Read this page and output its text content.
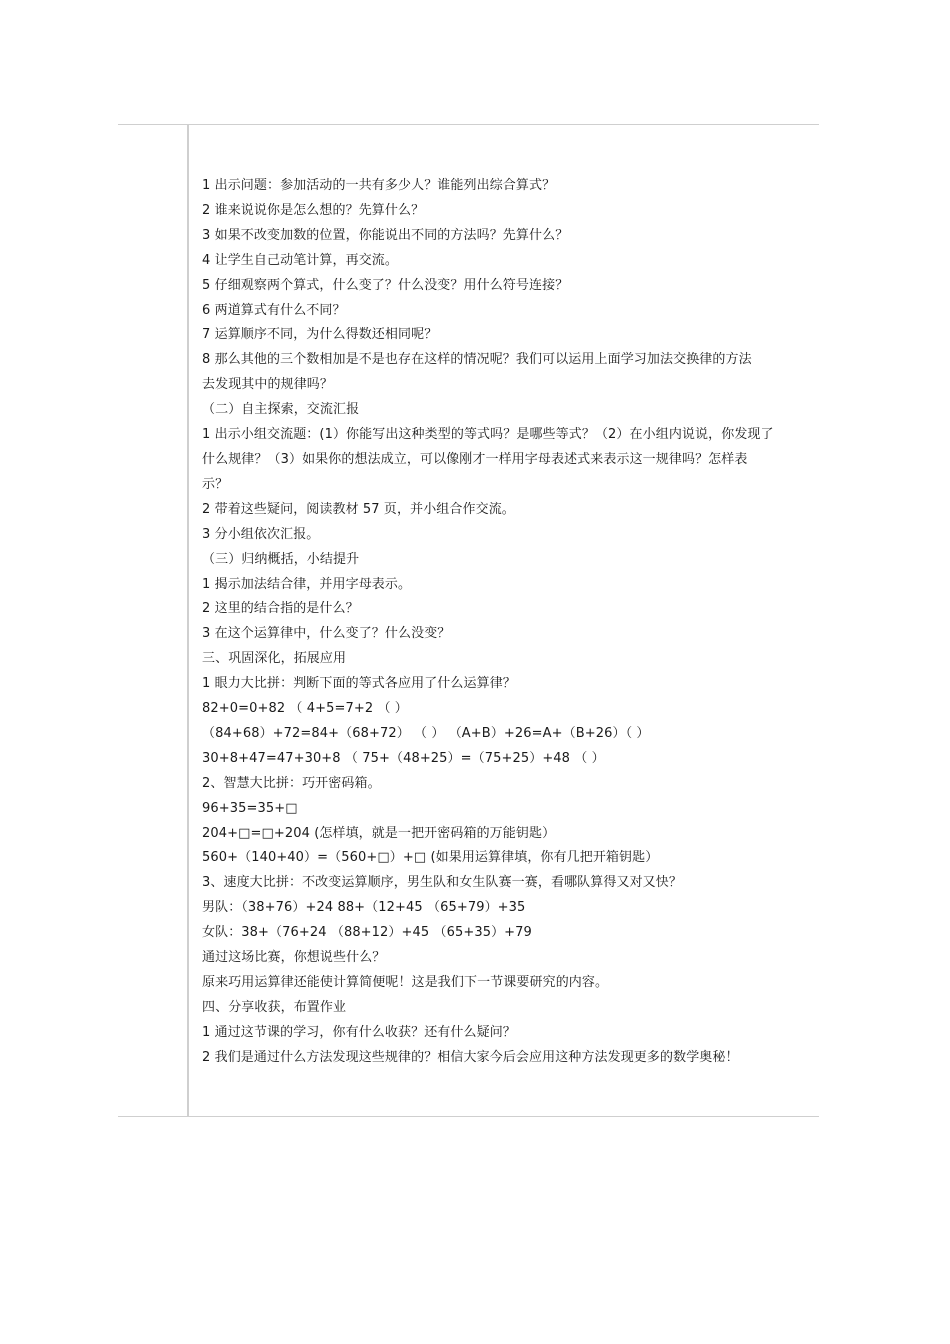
1 出示问题：参加活动的一共有多少人？谁能列出综合算式？
2 谁来说说你是怎么想的？先算什么？
3 如果不改变加数的位置，你能说出不同的方法吗？先算什么？
4 让学生自己动笔计算，再交流。
5 仔细观察两个算式，什么变了？什么没变？用什么符号连接？
6 两道算式有什么不同？
7 运算顺序不同，为什么得数还相同呢？
8 那么其他的三个数相加是不是也存在这样的情况呢？我们可以运用上面学习加法交换律的方法
去发现其中的规律吗？
（二）自主探索，交流汇报
1 出示小组交流题：(1）你能写出这种类型的等式吗？是哪些等式？（2）在小组内说说，你发现了
什么规律？（3）如果你的想法成立，可以像刚才一样用字母表述式来表示这一规律吗？怎样表
示？
2 带着这些疑问，阅读教材 57 页，并小组合作交流。
3 分小组依次汇报。
（三）归纳概括，小结提升
1 揭示加法结合律，并用字母表示。
2 这里的结合指的是什么？
3 在这个运算律中，什么变了？什么没变？
三、巩固深化，拓展应用
1 眼力大比拼：判断下面的等式各应用了什么运算律？
82+0=0+82 （ 4+5=7+2 （ ）
（84+68）+72=84+（68+72） （ ） （A+B）+26=A+（B+26）（ ）
30+8+47=47+30+8 （ 75+（48+25）=（75+25）+48 （ ）
2、智慧大比拼：巧开密码箱。
96+35=35+□
204+□=□+204 (怎样填，就是一把开密码箱的万能钥匙）
560+（140+40）=（560+□）+□ (如果用运算律填，你有几把开箱钥匙）
3、速度大比拼：不改变运算顺序，男生队和女生队赛一赛，看哪队算得又对又快？
男队：（38+76）+24 88+（12+45 （65+79）+35
女队：38+（76+24 （88+12）+45 （65+35）+79
通过这场比赛，你想说些什么？
原来巧用运算律还能使计算简便呢！这是我们下一节课要研究的内容。
四、分享收获，布置作业
1 通过这节课的学习，你有什么收获？还有什么疑问？
2 我们是通过什么方法发现这些规律的？相信大家今后会应用这种方法发现更多的数学奥秘！
